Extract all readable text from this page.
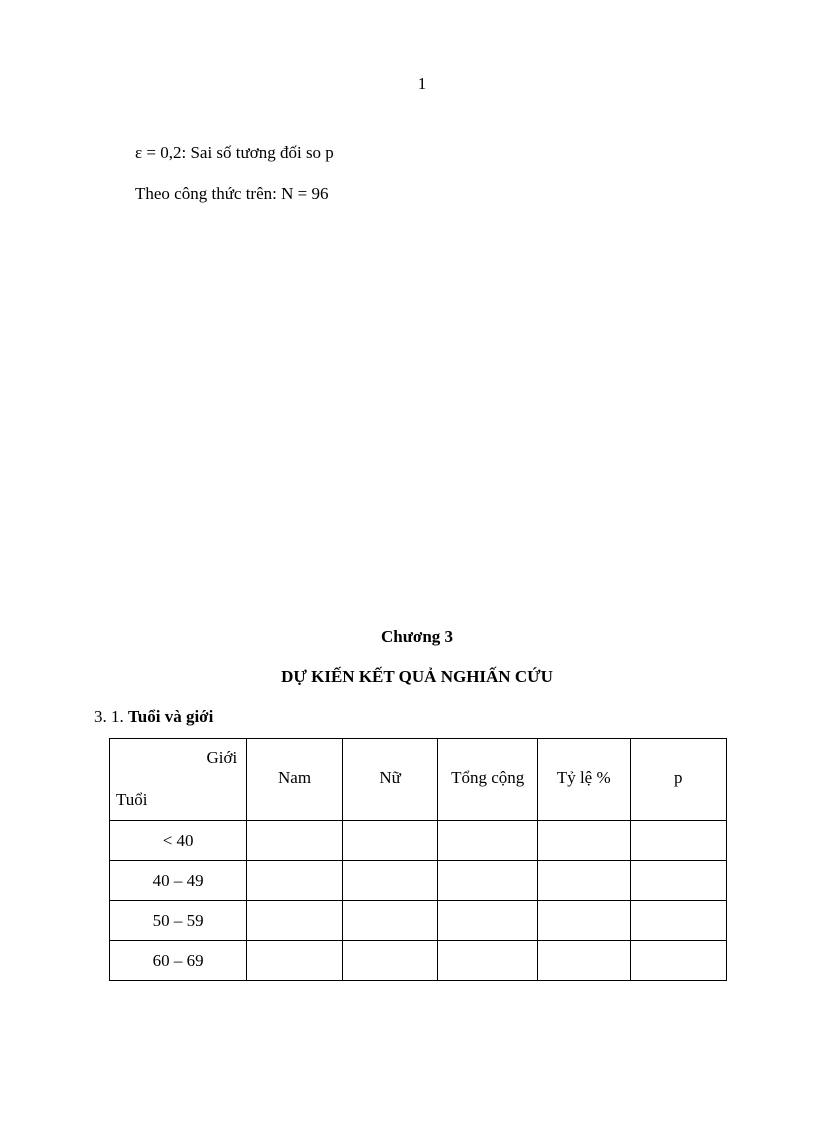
1
ε = 0,2: Sai số tương đối so p
Theo công thức trên: N = 96
Chương 3
DỰ KIẾN KẾT QUẢ NGHIẤN CỨU
3. 1. Tuổi và giới
Giới
Tuổi	Nam	Nữ	Tổng cộng	Tỷ lệ %	p
< 40					
40 – 49					
50 – 59					
60 – 69					
